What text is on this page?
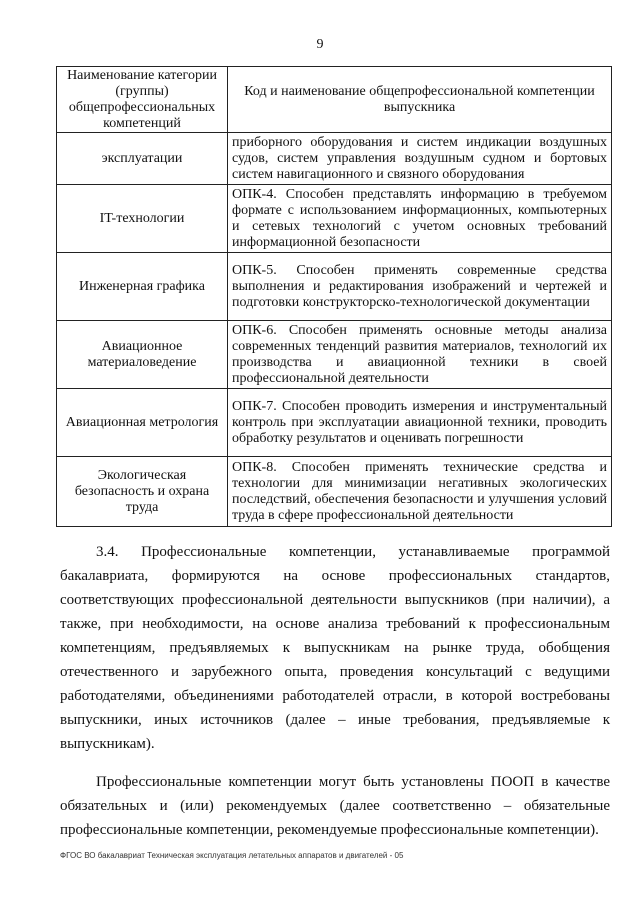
9
Наименование категории (группы) общепрофессиональных компетенций	Код и наименование общепрофессиональной компетенции выпускника
эксплуатации	приборного оборудования и систем индикации воздушных судов, систем управления воздушным судном и бортовых систем навигационного и связного оборудования
IT-технологии	ОПК-4. Способен представлять информацию в требуемом формате с использованием информационных, компьютерных и сетевых технологий с учетом основных требований информационной безопасности
Инженерная графика	ОПК-5. Способен применять современные средства выполнения и редактирования изображений и чертежей и подготовки конструкторско-технологической документации
Авиационное материаловедение	ОПК-6. Способен применять основные методы анализа современных тенденций развития материалов, технологий их производства и авиационной техники в своей профессиональной деятельности
Авиационная метрология	ОПК-7. Способен проводить измерения и инструментальный контроль при эксплуатации авиационной техники, проводить обработку результатов и оценивать погрешности
Экологическая безопасность и охрана труда	ОПК-8. Способен применять технические средства и технологии для минимизации негативных экологических последствий, обеспечения безопасности и улучшения условий труда в сфере профессиональной деятельности

3.4. Профессиональные компетенции, устанавливаемые программой бакалавриата, формируются на основе профессиональных стандартов, соответствующих профессиональной деятельности выпускников (при наличии), а также, при необходимости, на основе анализа требований к профессиональным компетенциям, предъявляемых к выпускникам на рынке труда, обобщения отечественного и зарубежного опыта, проведения консультаций с ведущими работодателями, объединениями работодателей отрасли, в которой востребованы выпускники, иных источников (далее – иные требования, предъявляемые к выпускникам).

Профессиональные компетенции могут быть установлены ПООП в качестве обязательных и (или) рекомендуемых (далее соответственно – обязательные профессиональные компетенции, рекомендуемые профессиональные компетенции).

ФГОС ВО бакалавриат Техническая эксплуатация летательных аппаратов и двигателей - 05
